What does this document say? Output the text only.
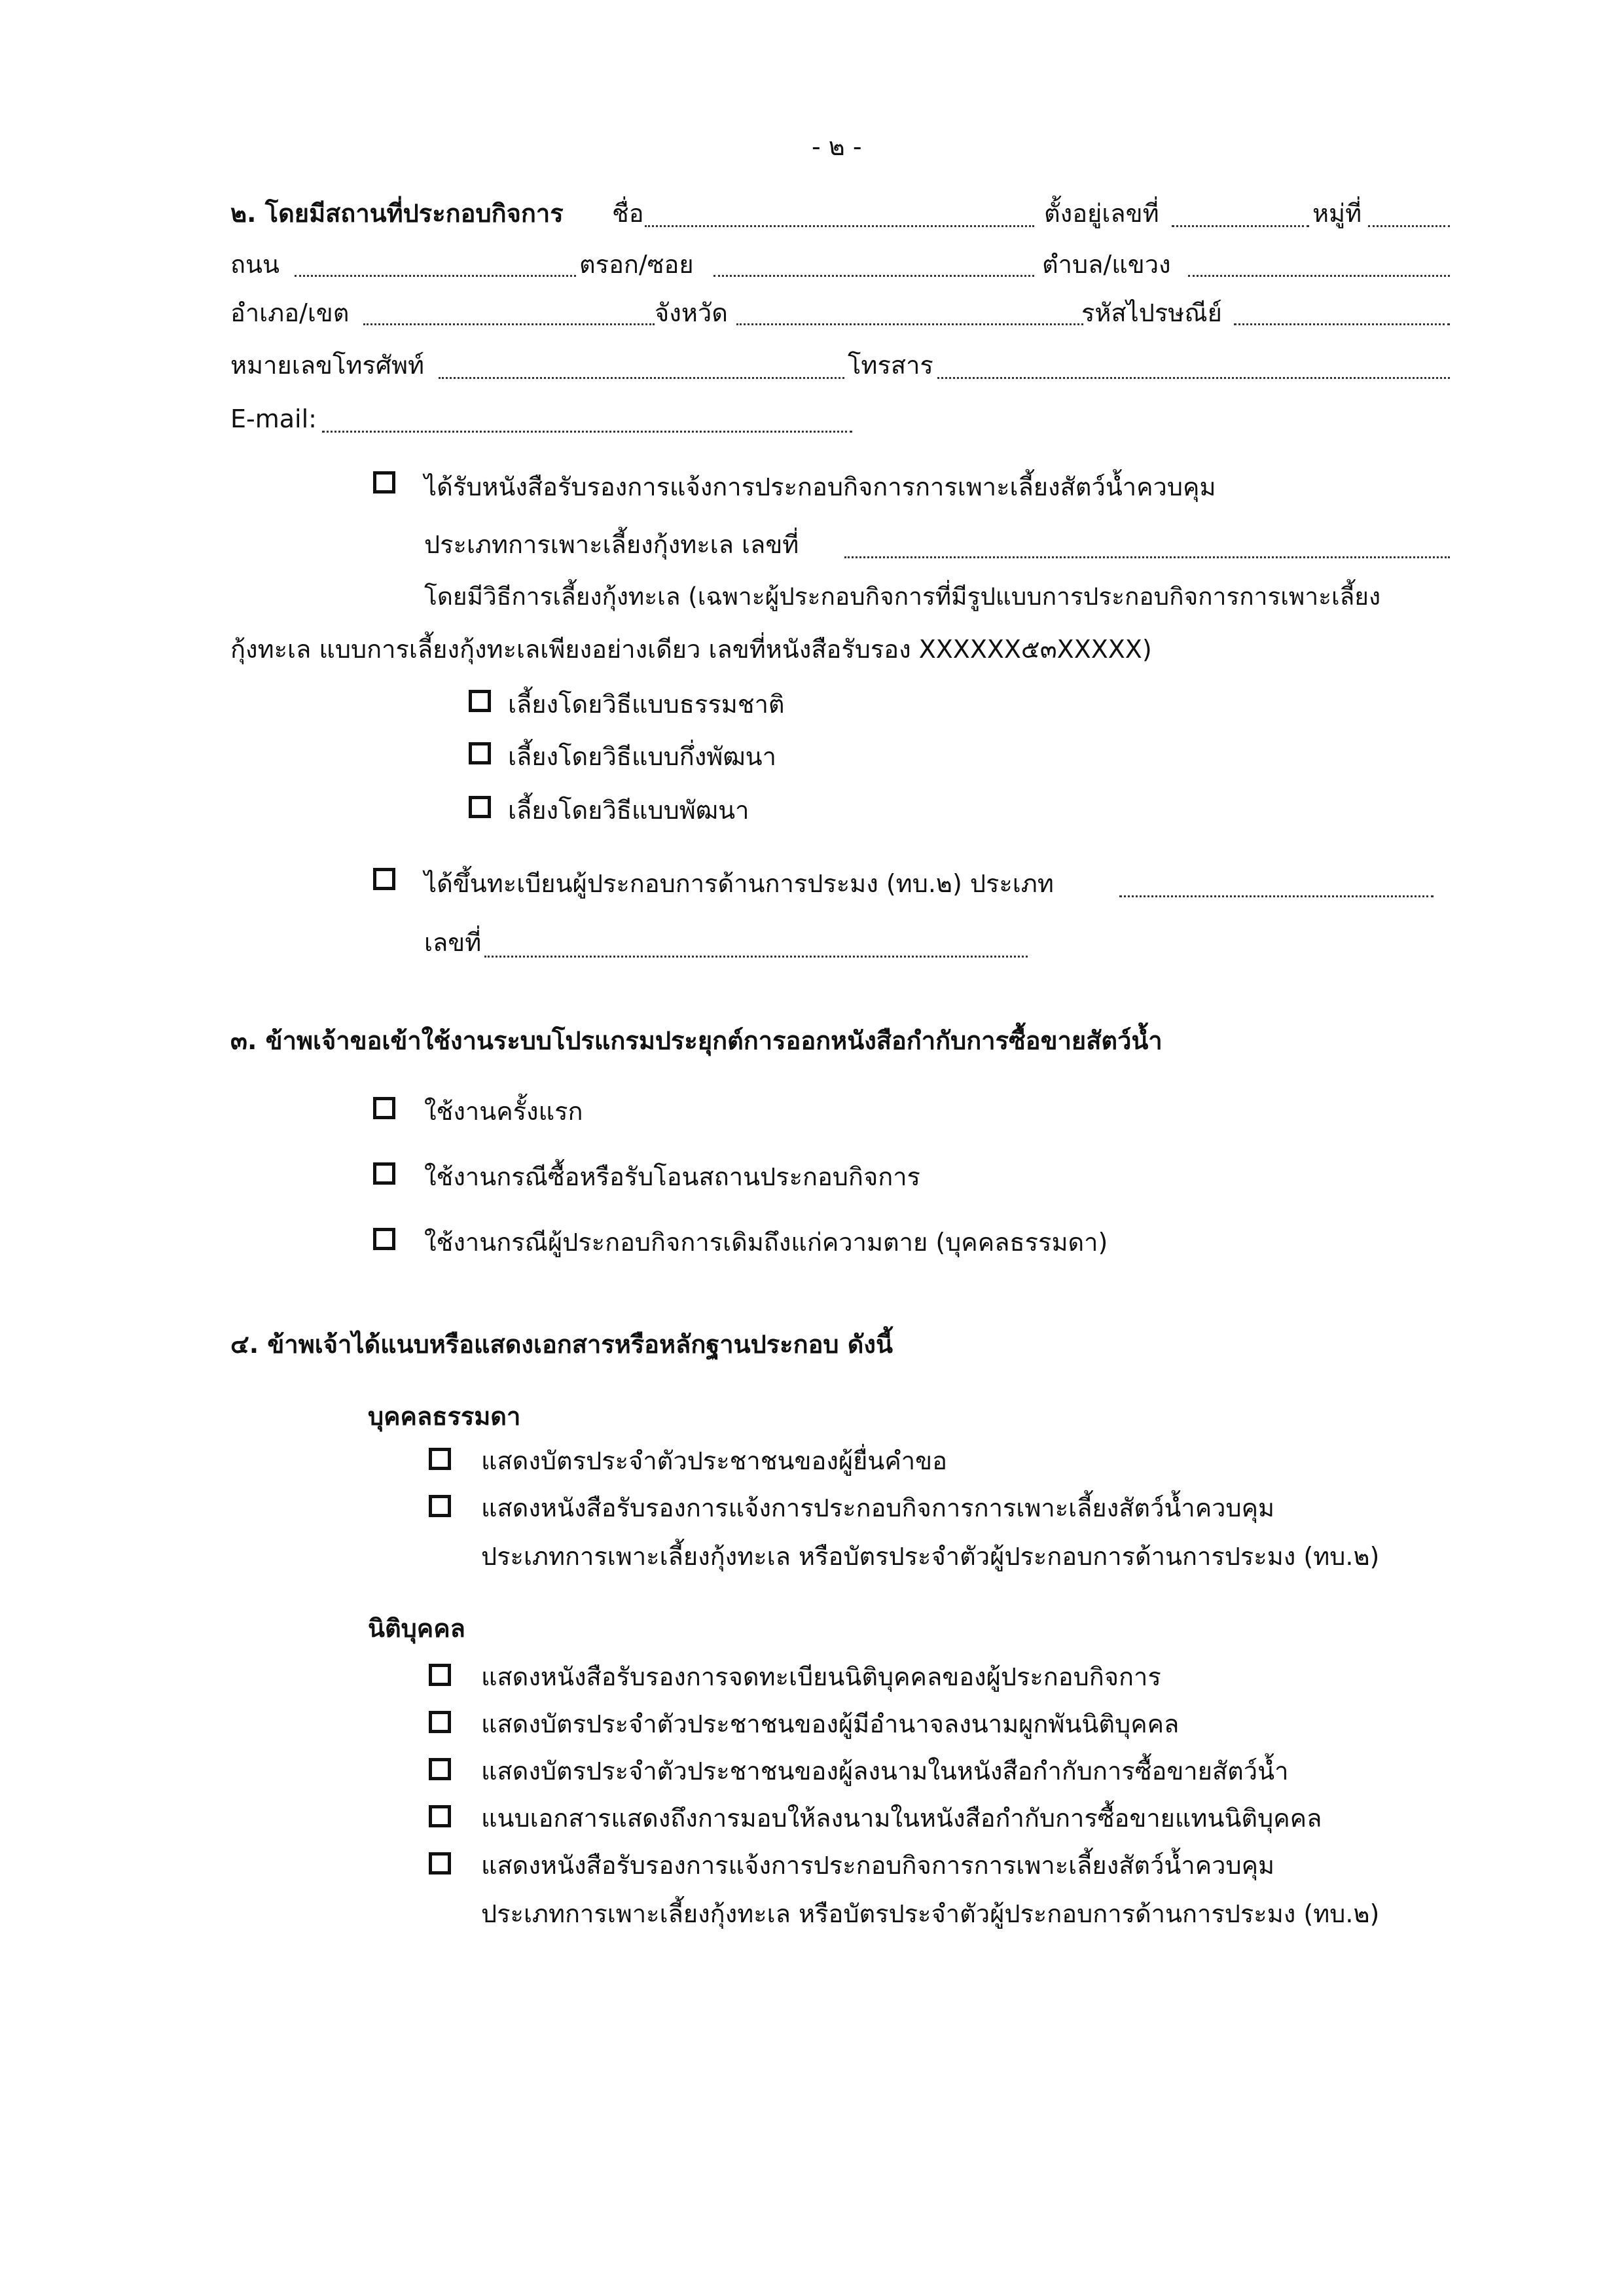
- ๒ -
๒. โดยมีสถานที่ประกอบกิจการ ชื่อ	ตั้งอยู่เลขที่	หมู่ที่
ถนน	ตรอก/ซอย	ตำบล/แขวง
อำเภอ/เขต	จังหวัด	รหัสไปรษณีย์
หมายเลขโทรศัพท์	โทรสาร
E-mail:
ได้รับหนังสือรับรองการแจ้งการประกอบกิจการการเพาะเลี้ยงสัตว์น้ำควบคุม
ประเภทการเพาะเลี้ยงกุ้งทะเล เลขที่
โดยมีวิธีการเลี้ยงกุ้งทะเล (เฉพาะผู้ประกอบกิจการที่มีรูปแบบการประกอบกิจการการเพาะเลี้ยง
กุ้งทะเล แบบการเลี้ยงกุ้งทะเลเพียงอย่างเดียว เลขที่หนังสือรับรอง XXXXXX๕๓XXXXX)
เลี้ยงโดยวิธีแบบธรรมชาติ
เลี้ยงโดยวิธีแบบกึ่งพัฒนา
เลี้ยงโดยวิธีแบบพัฒนา
ได้ขึ้นทะเบียนผู้ประกอบการด้านการประมง (ทบ.๒) ประเภท
เลขที่
๓. ข้าพเจ้าขอเข้าใช้งานระบบโปรแกรมประยุกต์การออกหนังสือกำกับการซื้อขายสัตว์น้ำ
ใช้งานครั้งแรก
ใช้งานกรณีซื้อหรือรับโอนสถานประกอบกิจการ
ใช้งานกรณีผู้ประกอบกิจการเดิมถึงแก่ความตาย (บุคคลธรรมดา)
๔. ข้าพเจ้าได้แนบหรือแสดงเอกสารหรือหลักฐานประกอบ ดังนี้
บุคคลธรรมดา
แสดงบัตรประจำตัวประชาชนของผู้ยื่นคำขอ
แสดงหนังสือรับรองการแจ้งการประกอบกิจการการเพาะเลี้ยงสัตว์น้ำควบคุม
ประเภทการเพาะเลี้ยงกุ้งทะเล หรือบัตรประจำตัวผู้ประกอบการด้านการประมง (ทบ.๒)
นิติบุคคล
แสดงหนังสือรับรองการจดทะเบียนนิติบุคคลของผู้ประกอบกิจการ
แสดงบัตรประจำตัวประชาชนของผู้มีอำนาจลงนามผูกพันนิติบุคคล
แสดงบัตรประจำตัวประชาชนของผู้ลงนามในหนังสือกำกับการซื้อขายสัตว์น้ำ
แนบเอกสารแสดงถึงการมอบให้ลงนามในหนังสือกำกับการซื้อขายแทนนิติบุคคล
แสดงหนังสือรับรองการแจ้งการประกอบกิจการการเพาะเลี้ยงสัตว์น้ำควบคุม
ประเภทการเพาะเลี้ยงกุ้งทะเล หรือบัตรประจำตัวผู้ประกอบการด้านการประมง (ทบ.๒)
